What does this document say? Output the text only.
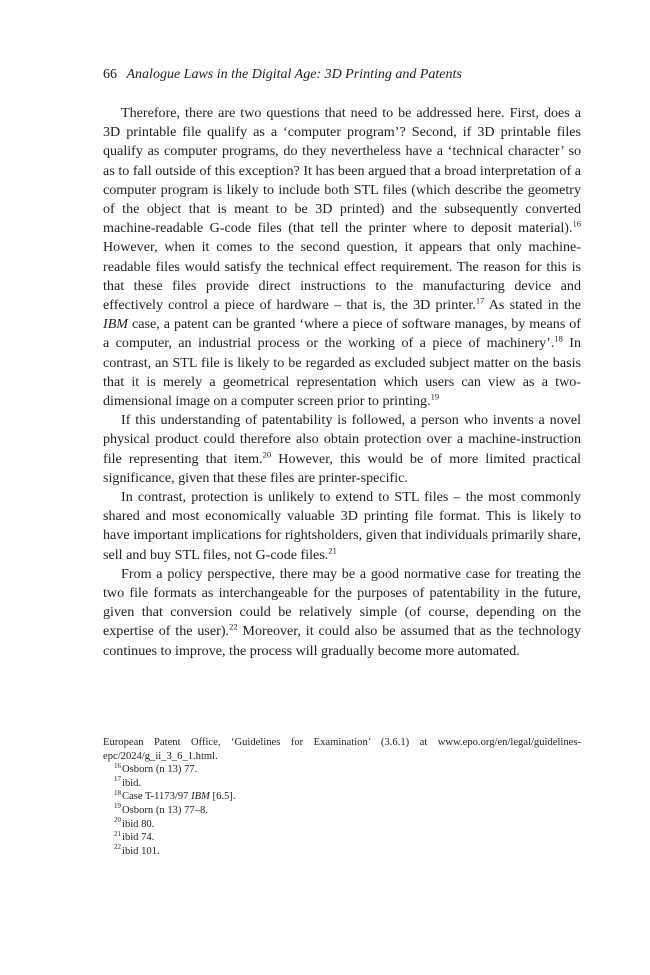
66 Analogue Laws in the Digital Age: 3D Printing and Patents

Therefore, there are two questions that need to be addressed here. First, does a 3D printable file qualify as a ‘computer program’? Second, if 3D printable files qualify as computer programs, do they nevertheless have a ‘technical character’ so as to fall outside of this exception? It has been argued that a broad interpretation of a computer program is likely to include both STL files (which describe the geometry of the object that is meant to be 3D printed) and the subsequently converted machine-readable G-code files (that tell the printer where to deposit material).$^{16}$ However, when it comes to the second question, it appears that only machine-readable files would satisfy the technical effect requirement. The reason for this is that these files provide direct instructions to the manufacturing device and effectively control a piece of hardware – that is, the 3D printer.$^{17}$ As stated in the IBM case, a patent can be granted ‘where a piece of software manages, by means of a computer, an industrial process or the working of a piece of machinery’.$^{18}$ In contrast, an STL file is likely to be regarded as excluded subject matter on the basis that it is merely a geometrical representation which users can view as a two-dimensional image on a computer screen prior to printing.$^{19}$

If this understanding of patentability is followed, a person who invents a novel physical product could therefore also obtain protection over a machine-instruction file representing that item.$^{20}$ However, this would be of more limited practical significance, given that these files are printer-specific.

In contrast, protection is unlikely to extend to STL files – the most commonly shared and most economically valuable 3D printing file format. This is likely to have important implications for rightsholders, given that individuals primarily share, sell and buy STL files, not G-code files.$^{21}$

From a policy perspective, there may be a good normative case for treating the two file formats as interchangeable for the purposes of patentability in the future, given that conversion could be relatively simple (of course, depending on the expertise of the user).$^{22}$ Moreover, it could also be assumed that as the technology continues to improve, the process will gradually become more automated.

European Patent Office, ‘Guidelines for Examination’ (3.6.1) at www.epo.org/en/legal/guidelines-epc/2024/g_ii_3_6_1.html.

$^{16}$Osborn (n 13) 77.

$^{17}$ibid.

$^{18}$Case T-1173/97 IBM [6.5].

$^{19}$Osborn (n 13) 77–8.

$^{20}$ibid 80.

$^{21}$ibid 74.

$^{22}$ibid 101.
